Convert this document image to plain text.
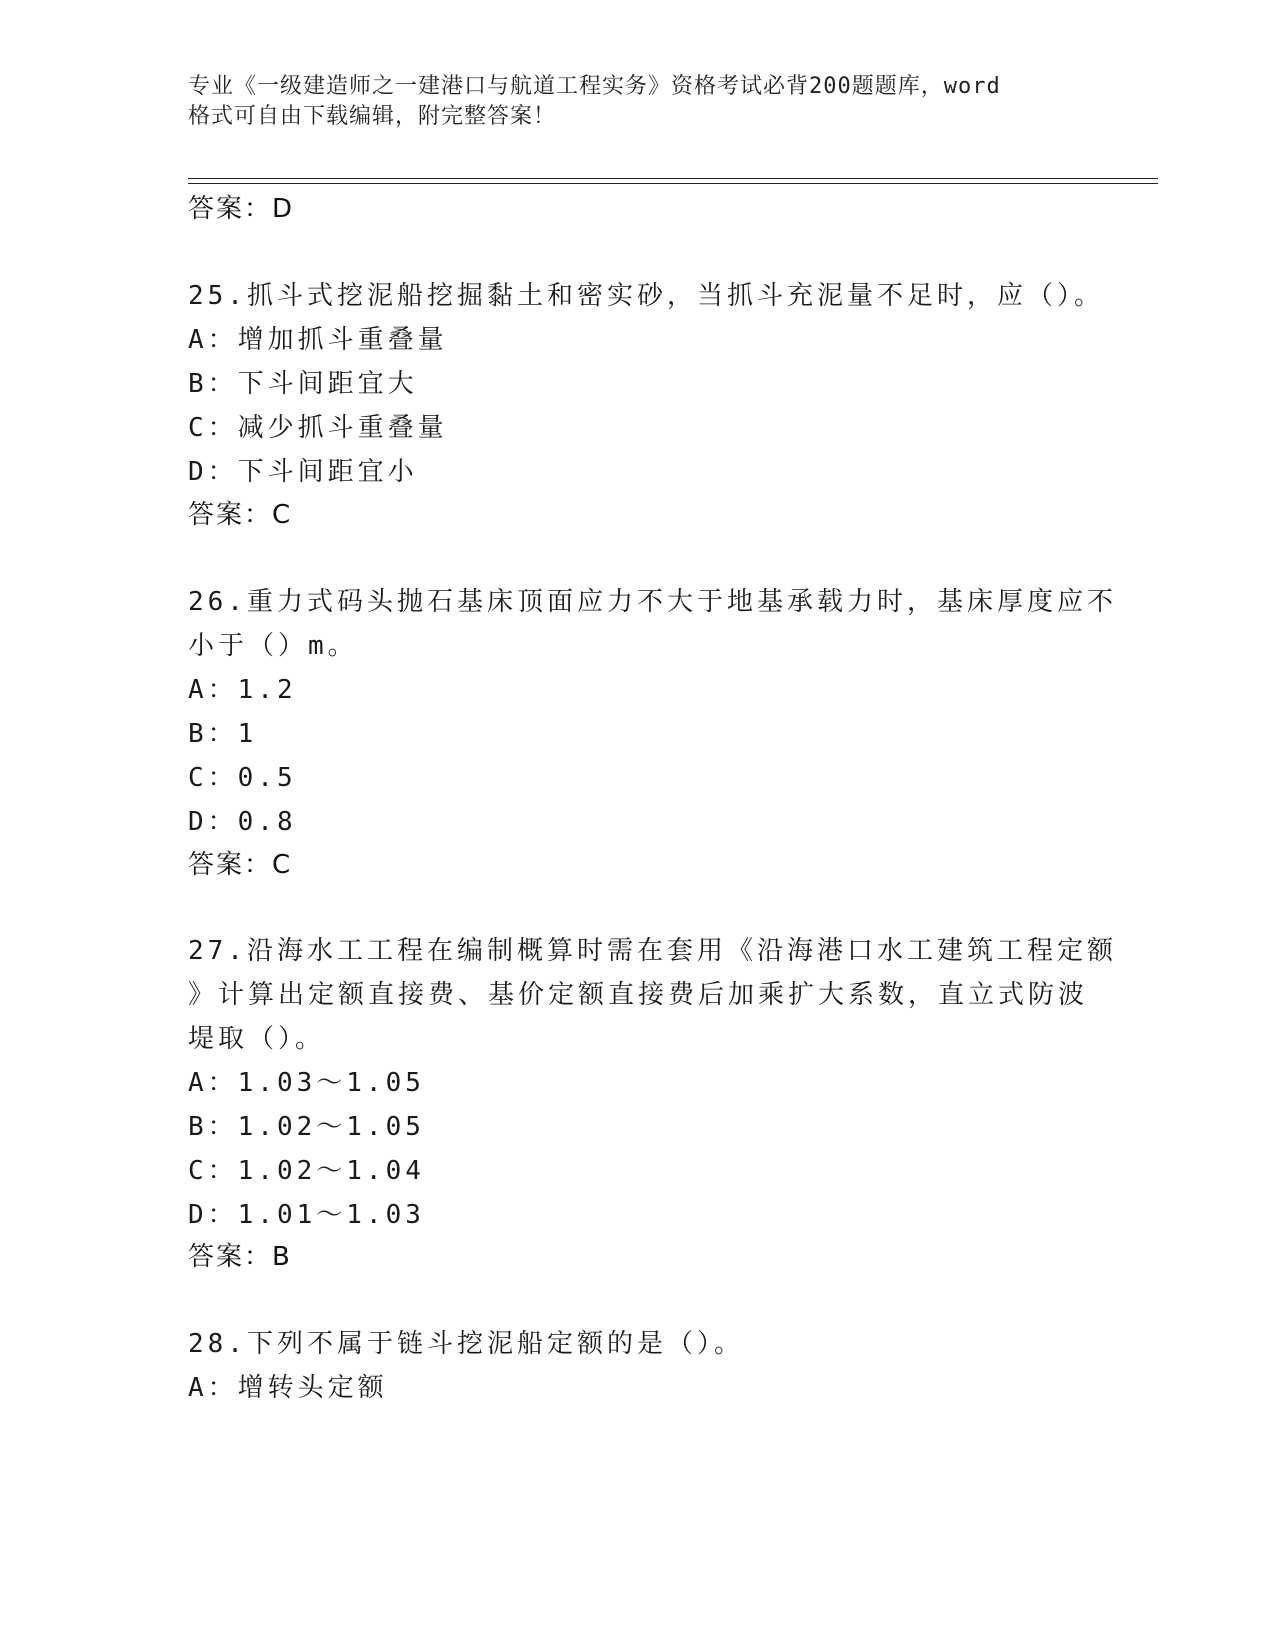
专业《一级建造师之一建港口与航道工程实务》资格考试必背200题题库，word
格式可自由下载编辑，附完整答案！
答案：D
25.抓斗式挖泥船挖掘黏土和密实砂，当抓斗充泥量不足时，应（）。
A：增加抓斗重叠量
B：下斗间距宜大
C：减少抓斗重叠量
D：下斗间距宜小
答案：C
26.重力式码头抛石基床顶面应力不大于地基承载力时，基床厚度应不
小于（）m。
A：1.2
B：1
C：0.5
D：0.8
答案：C
27.沿海水工工程在编制概算时需在套用《沿海港口水工建筑工程定额
》计算出定额直接费、基价定额直接费后加乘扩大系数，直立式防波
堤取（）。
A：1.03～1.05
B：1.02～1.05
C：1.02～1.04
D：1.01～1.03
答案：B
28.下列不属于链斗挖泥船定额的是（）。
A：增转头定额
